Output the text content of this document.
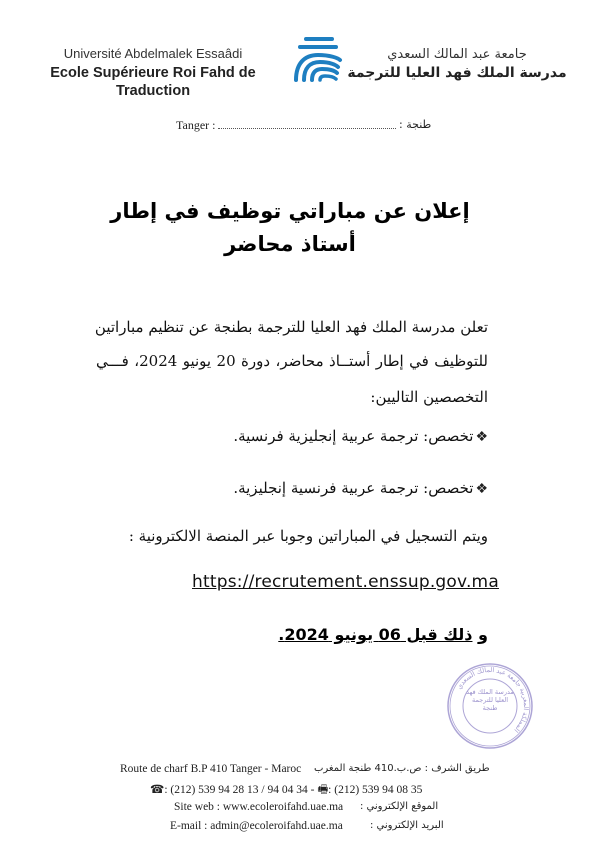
Université Abdelmalek Essaâdi
Ecole Supérieure Roi Fahd de Traduction
جامعة عبد المالك السعدي
مدرسة الملك فهد العليا للترجمة
Tanger :	طنجة :
إعلان عن مباراتي توظيف في إطار أستاذ محاضر
تعلن مدرسة الملك فهد العليا للترجمة بطنجة عن تنظيم مباراتين
للتوظيف في إطار أستــاذ محاضر، دورة 20 يونيو 2024، فـــي
التخصصين التاليين:
❖تخصص: ترجمة عربية إنجليزية فرنسية.
❖تخصص: ترجمة عربية فرنسية إنجليزية.
ويتم التسجيل في المباراتين وجوبا عبر المنصة الالكترونية :
https://recrutement.enssup.gov.ma
و ذلك قبل 06 يونيو 2024.
المملكة المغربية جامعة عبد المالك السعدي
مدرسة الملك فهد العليا للترجمة طنجة
Route de charf B.P 410 Tanger - Maroc طريق الشرف : ص.ب.410 طنجة المغرب
☎: (212) 539 94 28 13 / 94 04 34 - 🖷: (212) 539 94 08 35
Site web : www.ecoleroifahd.uae.ma الموقع الإلكتروني :
E-mail : admin@ecoleroifahd.uae.ma	البريد الإلكتروني :
